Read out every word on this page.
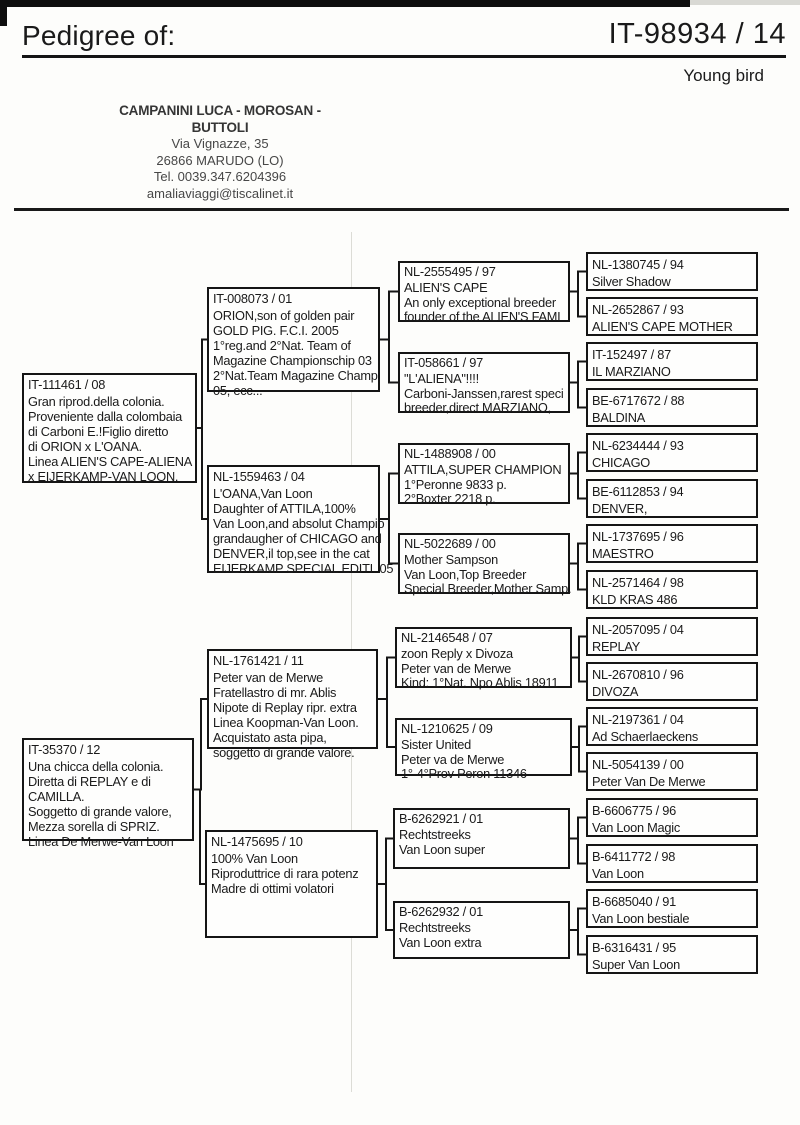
Pedigree of:	IT-98934 / 14
Young bird
CAMPANINI LUCA - MOROSAN - BUTTOLI
Via Vignazze, 35
26866 MARUDO (LO)
Tel. 0039.347.6204396
amaliaviaggi@tiscalinet.it
IT-111461 / 08
Gran riprod.della colonia.
Proveniente dalla colombaia
di Carboni E.!Figlio diretto
di ORION x L'OANA.
Linea ALIEN'S CAPE-ALIENA
x EIJERKAMP-VAN LOON.
IT-35370 / 12
Una chicca della colonia.
Diretta di REPLAY e di
CAMILLA.
Soggetto di grande valore,
Mezza sorella di SPRIZ.
Linea De Merwe-Van Loon
IT-008073 / 01
ORION,son of golden pair
GOLD PIG. F.C.I. 2005
1°reg.and 2°Nat. Team of
Magazine Championschip 03
2°Nat.Team Magazine Champ.
05, ecc...
NL-1559463 / 04
L'OANA,Van Loon
Daughter of ATTILA,100%
Van Loon,and absolut Champio
grandaugher of CHICAGO and
DENVER,il top,see in the cat
EIJERKAMP SPECIAL EDITI. 05
NL-1761421 / 11
Peter van de Merwe
Fratellastro di mr. Ablis
Nipote di Replay ripr. extra
Linea Koopman-Van Loon.
Acquistato asta pipa,
soggetto di grande valore.
NL-1475695 / 10
100% Van Loon
Riproduttrice di rara potenz
Madre di ottimi volatori
NL-2555495 / 97
ALIEN'S CAPE
An only exceptional breeder
founder of the ALIEN'S FAMI
IT-058661 / 97
"L'ALIENA"!!!!
Carboni-Janssen,rarest speci
breeder,direct MARZIANO,
NL-1488908 / 00
ATTILA,SUPER CHAMPION
1°Peronne 9833 p.
2°Boxter 2218 p.
NL-5022689 / 00
Mother Sampson
Van Loon,Top Breeder
Special Breeder,Mother Samp.
NL-2146548 / 07
zoon Reply x Divoza
Peter van de Merwe
Kind: 1°Nat. Npo Ablis 18911
NL-1210625 / 09
Sister United
Peter va de Merwe
1°-4°Prov Peron 11346
B-6262921 / 01
Rechtstreeks
Van Loon super
B-6262932 / 01
Rechtstreeks
Van Loon extra
NL-1380745 / 94
Silver Shadow
NL-2652867 / 93
ALIEN'S CAPE MOTHER
IT-152497 / 87
IL MARZIANO
BE-6717672 / 88
BALDINA
NL-6234444 / 93
CHICAGO
BE-6112853 / 94
DENVER,
NL-1737695 / 96
MAESTRO
NL-2571464 / 98
KLD KRAS 486
NL-2057095 / 04
REPLAY
NL-2670810 / 96
DIVOZA
NL-2197361 / 04
Ad Schaerlaeckens
NL-5054139 / 00
Peter Van De Merwe
B-6606775 / 96
Van Loon Magic
B-6411772 / 98
Van Loon
B-6685040 / 91
Van Loon bestiale
B-6316431 / 95
Super Van Loon
